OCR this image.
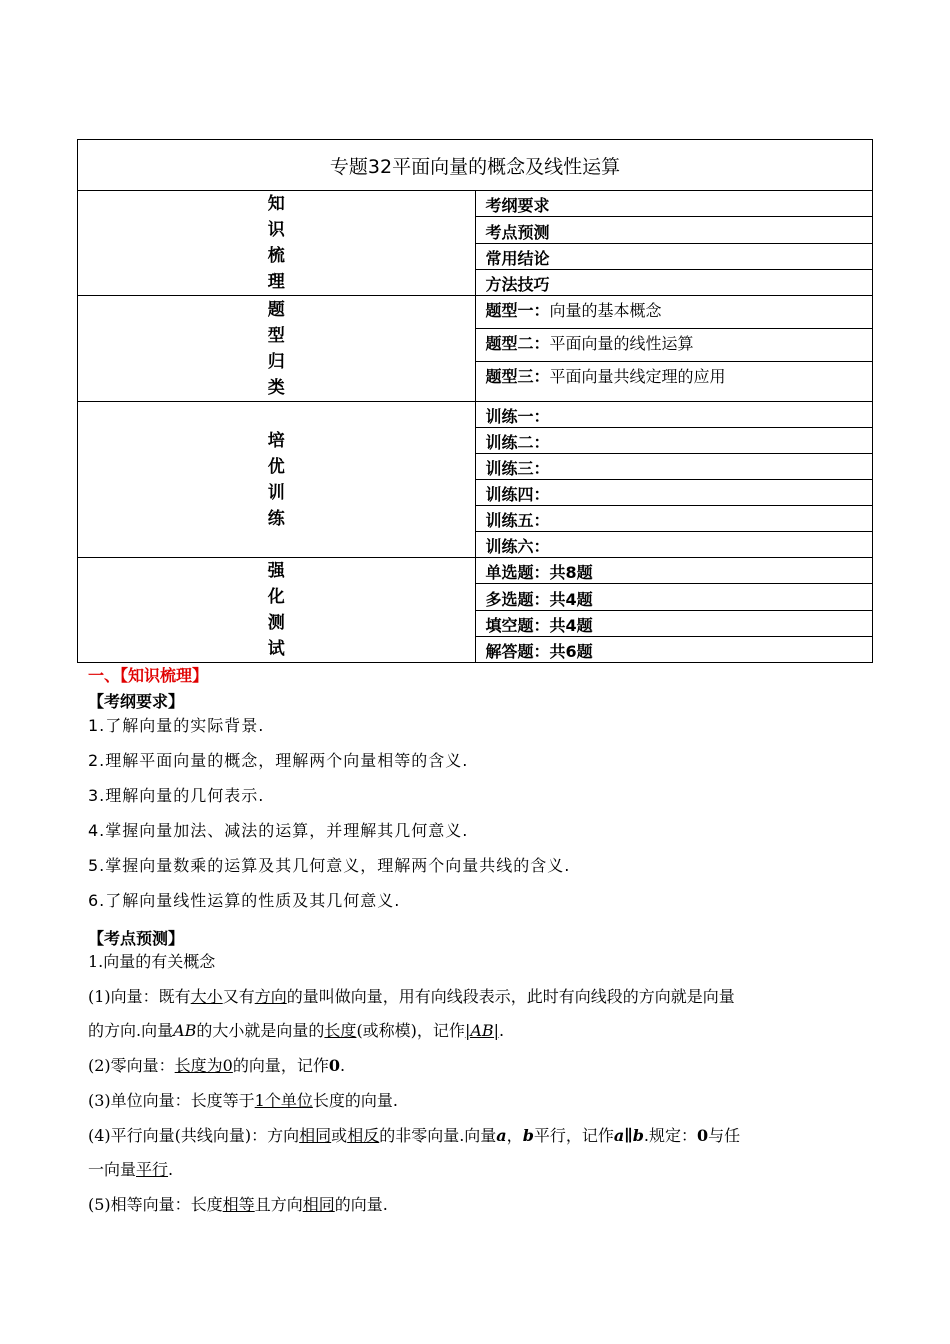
专题32平面向量的概念及线性运算	

知
识
梳
理	考纲要求
	考点预测
	常用结论
	方法技巧

题
型
归
类	题型一：向量的基本概念
	题型二：平面向量的线性运算
	题型三：平面向量共线定理的应用

培
优
训
练	训练一：
	训练二：
	训练三：
	训练四：
	训练五：
	训练六：

强
化
测
试	单选题：共8题
	多选题：共4题
	填空题：共4题
	解答题：共6题
一、【知识梳理】
【考纲要求】
1.了解向量的实际背景.
2.理解平面向量的概念，理解两个向量相等的含义.
3.理解向量的几何表示.
4.掌握向量加法、减法的运算，并理解其几何意义.
5.掌握向量数乘的运算及其几何意义，理解两个向量共线的含义.
6.了解向量线性运算的性质及其几何意义.
【考点预测】
1.向量的有关概念
(1)向量：既有大小又有方向的量叫做向量，用有向线段表示，此时有向线段的方向就是向量
的方向.向量AB的大小就是向量的长度(或称模)，记作|AB|.
(2)零向量：长度为0的向量，记作0.
(3)单位向量：长度等于1个单位长度的向量.
(4)平行向量(共线向量)：方向相同或相反的非零向量.向量a，b平行，记作a∥b.规定：0与任
一向量平行.
(5)相等向量：长度相等且方向相同的向量.
